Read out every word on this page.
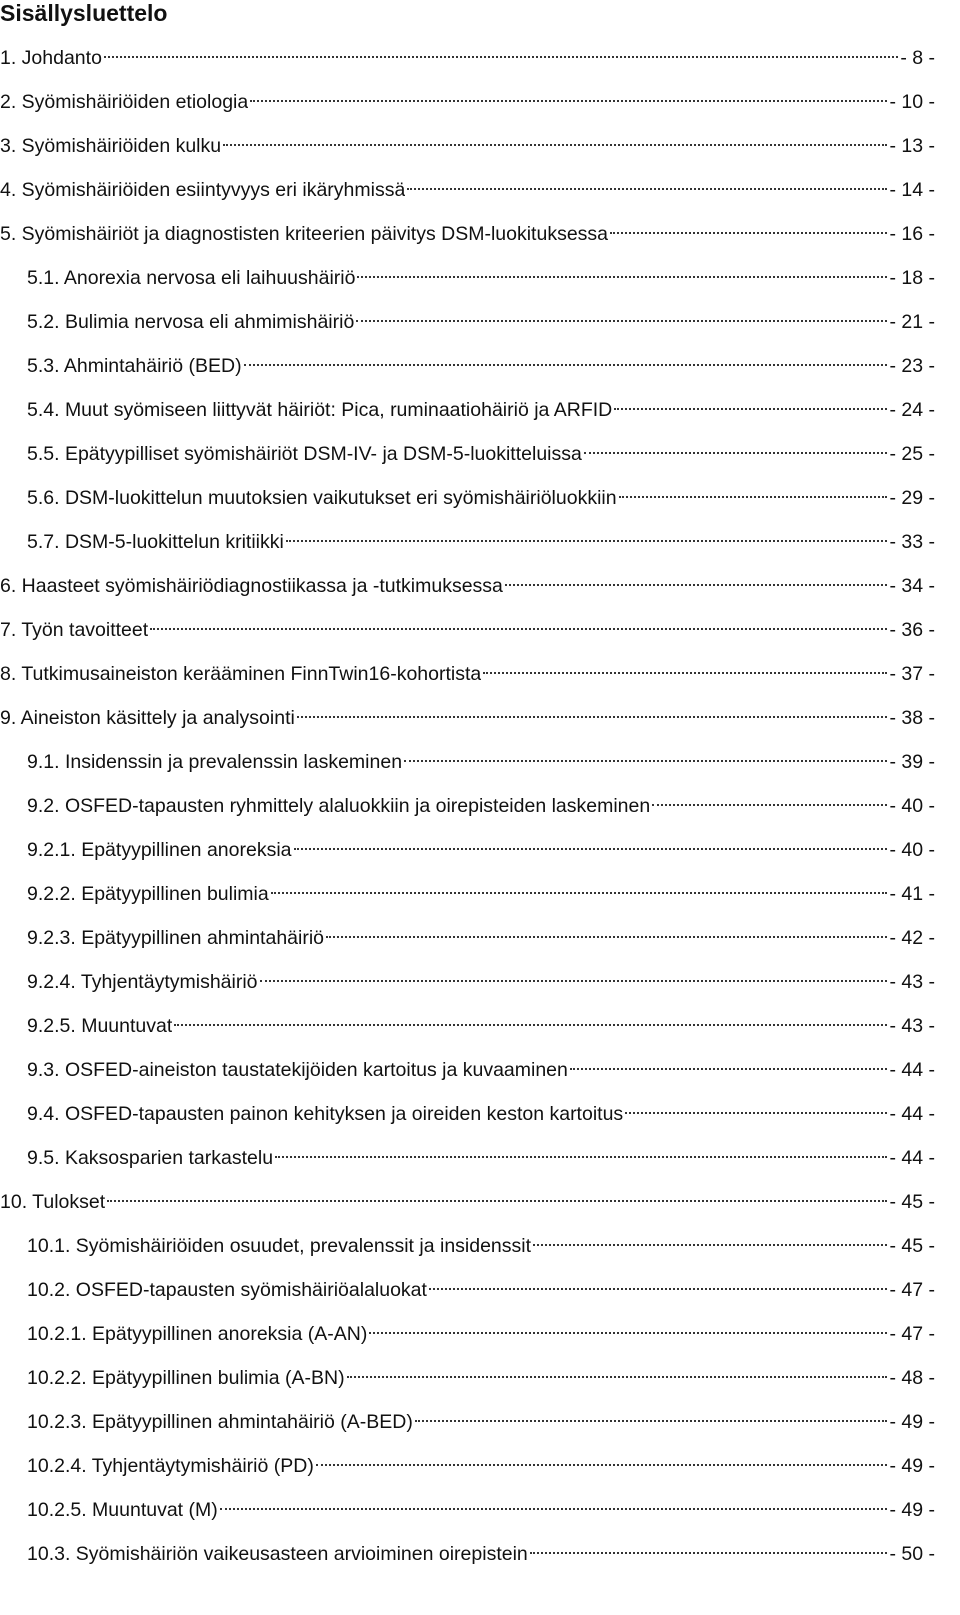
Sisällysluettelo
1. Johdanto	- 8 -
2. Syömishäiriöiden etiologia	- 10 -
3. Syömishäiriöiden kulku	- 13 -
4. Syömishäiriöiden esiintyvyys eri ikäryhmissä	- 14 -
5. Syömishäiriöt ja diagnostisten kriteerien päivitys DSM-luokituksessa	- 16 -
5.1. Anorexia nervosa eli laihuushäiriö	- 18 -
5.2. Bulimia nervosa eli ahmimishäiriö	- 21 -
5.3. Ahmintahäiriö (BED)	- 23 -
5.4. Muut syömiseen liittyvät häiriöt: Pica, ruminaatiohäiriö ja ARFID	- 24 -
5.5. Epätyypilliset syömishäiriöt DSM-IV- ja DSM-5-luokitteluissa	- 25 -
5.6. DSM-luokittelun muutoksien vaikutukset eri syömishäiriöluokkiin	- 29 -
5.7. DSM-5-luokittelun kritiikki	- 33 -
6. Haasteet syömishäiriödiagnostiikassa ja -tutkimuksessa	- 34 -
7. Työn tavoitteet	- 36 -
8. Tutkimusaineiston kerääminen FinnTwin16-kohortista	- 37 -
9. Aineiston käsittely ja analysointi	- 38 -
9.1. Insidenssin ja prevalenssin laskeminen	- 39 -
9.2. OSFED-tapausten ryhmittely alaluokkiin ja oirepisteiden laskeminen	- 40 -
9.2.1. Epätyypillinen anoreksia	- 40 -
9.2.2. Epätyypillinen bulimia	- 41 -
9.2.3. Epätyypillinen ahmintahäiriö	- 42 -
9.2.4. Tyhjentäytymishäiriö	- 43 -
9.2.5. Muuntuvat	- 43 -
9.3. OSFED-aineiston taustatekijöiden kartoitus ja kuvaaminen	- 44 -
9.4. OSFED-tapausten painon kehityksen ja oireiden keston kartoitus	- 44 -
9.5. Kaksosparien tarkastelu	- 44 -
10. Tulokset	- 45 -
10.1. Syömishäiriöiden osuudet, prevalenssit ja insidenssit	- 45 -
10.2. OSFED-tapausten syömishäiriöalaluokat	- 47 -
10.2.1. Epätyypillinen anoreksia (A-AN)	- 47 -
10.2.2. Epätyypillinen bulimia (A-BN)	- 48 -
10.2.3. Epätyypillinen ahmintahäiriö (A-BED)	- 49 -
10.2.4. Tyhjentäytymishäiriö (PD)	- 49 -
10.2.5. Muuntuvat (M)	- 49 -
10.3. Syömishäiriön vaikeusasteen arvioiminen oirepistein	- 50 -
